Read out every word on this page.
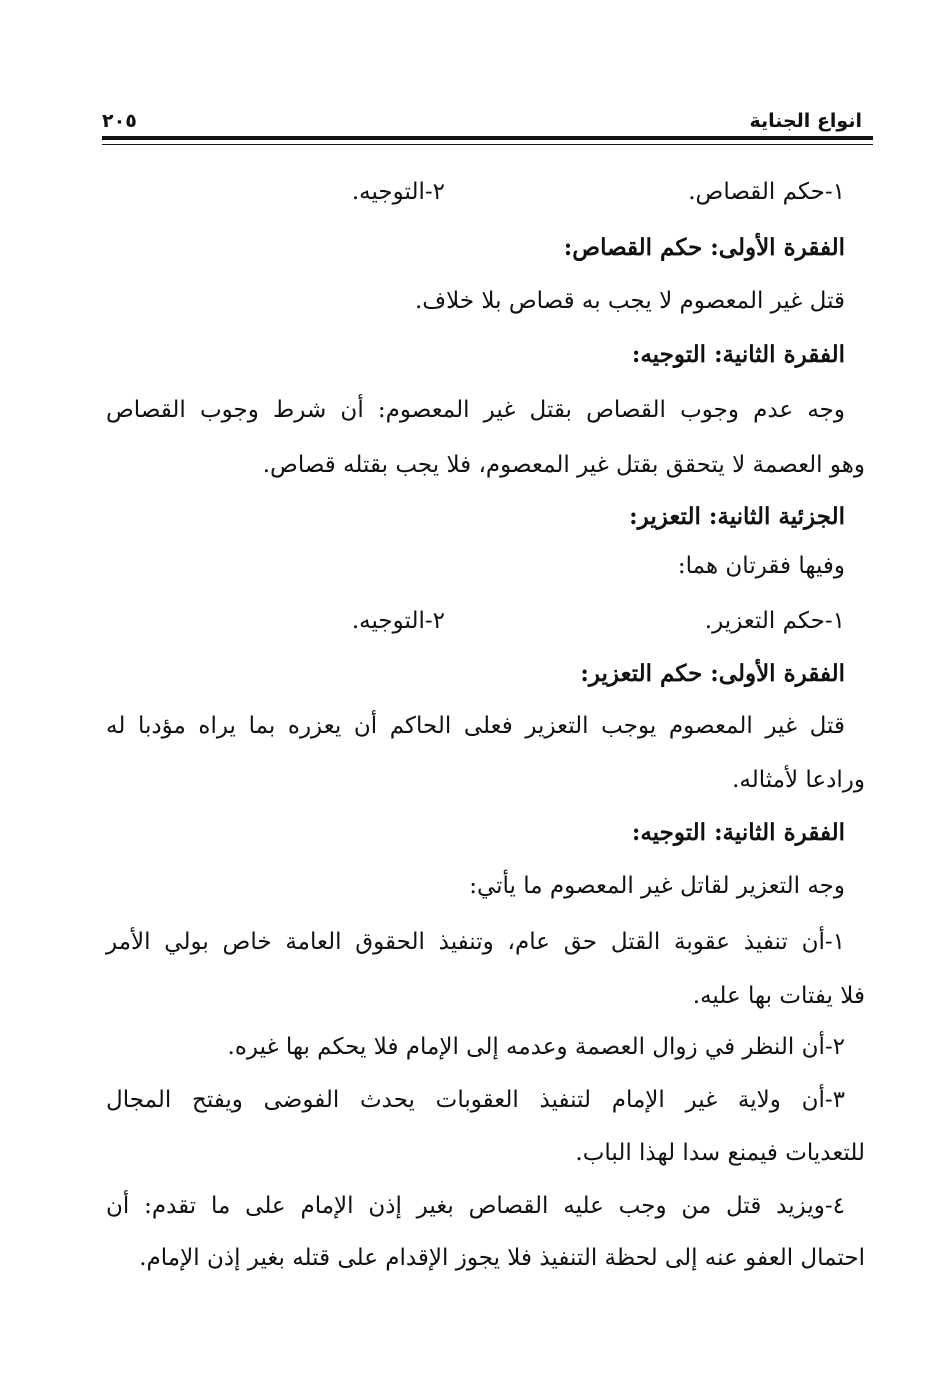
انواع الجناية
٢٠٥
١-حكم القصاص.
٢-التوجيه.
الفقرة الأولى: حكم القصاص:
قتل غير المعصوم لا يجب به قصاص بلا خلاف.
الفقرة الثانية: التوجيه:
وجه عدم وجوب القصاص بقتل غير المعصوم: أن شرط وجوب القصاص
وهو العصمة لا يتحقق بقتل غير المعصوم، فلا يجب بقتله قصاص.
الجزئية الثانية: التعزير:
وفيها فقرتان هما:
١-حكم التعزير.
٢-التوجيه.
الفقرة الأولى: حكم التعزير:
قتل غير المعصوم يوجب التعزير فعلى الحاكم أن يعزره بما يراه مؤدبا له
ورادعا لأمثاله.
الفقرة الثانية: التوجيه:
وجه التعزير لقاتل غير المعصوم ما يأتي:
١-أن تنفيذ عقوبة القتل حق عام، وتنفيذ الحقوق العامة خاص بولي الأمر
فلا يفتات بها عليه.
٢-أن النظر في زوال العصمة وعدمه إلى الإمام فلا يحكم بها غيره.
٣-أن ولاية غير الإمام لتنفيذ العقوبات يحدث الفوضى ويفتح المجال
للتعديات فيمنع سدا لهذا الباب.
٤-ويزيد قتل من وجب عليه القصاص بغير إذن الإمام على ما تقدم: أن
احتمال العفو عنه إلى لحظة التنفيذ فلا يجوز الإقدام على قتله بغير إذن الإمام.
